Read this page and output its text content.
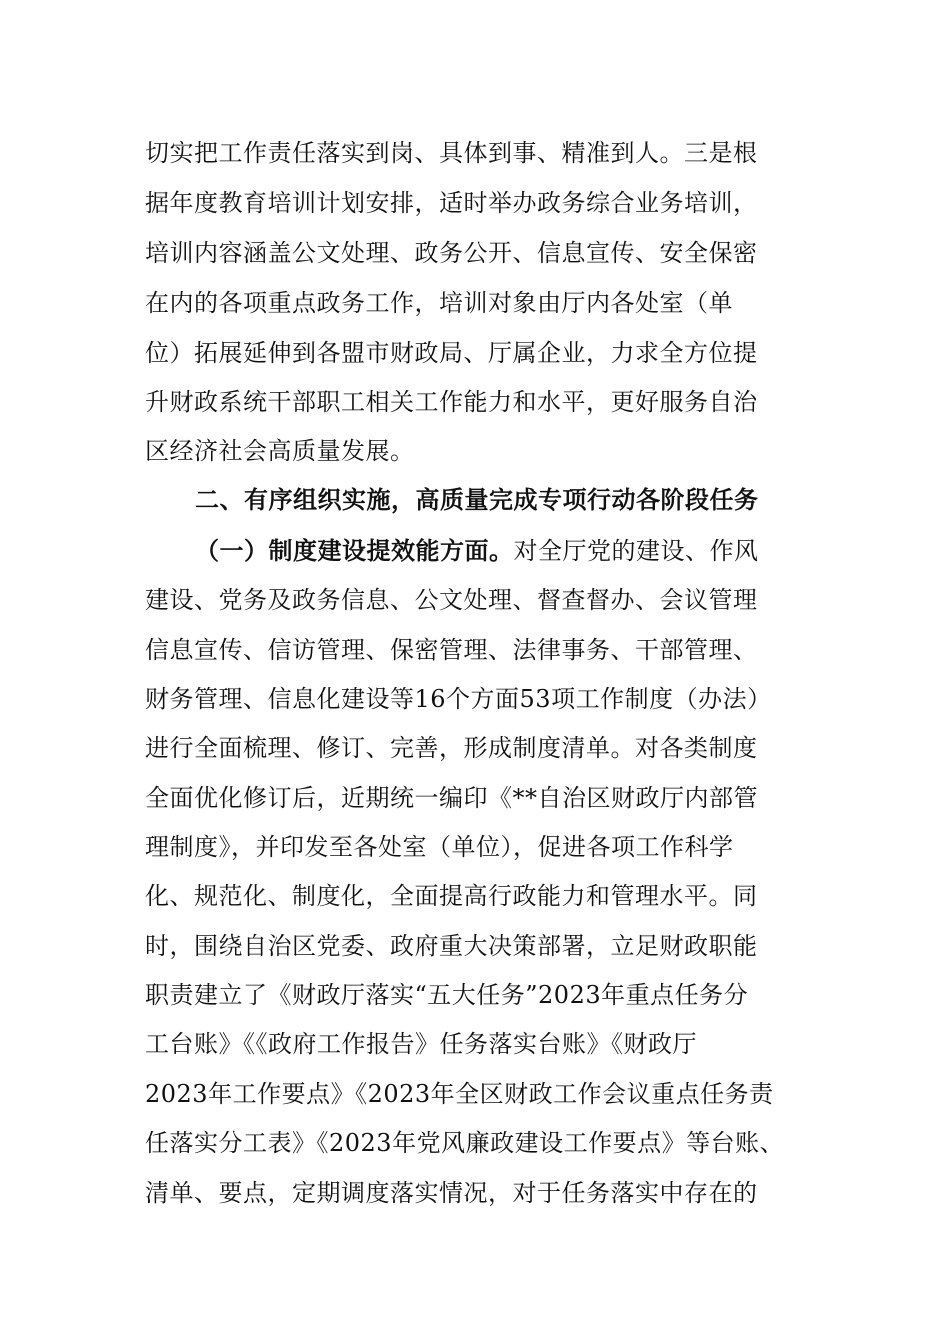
切实把工作责任落实到岗、具体到事、精准到人。三是根
据年度教育培训计划安排，适时举办政务综合业务培训，
培训内容涵盖公文处理、政务公开、信息宣传、安全保密
在内的各项重点政务工作，培训对象由厅内各处室（单
位）拓展延伸到各盟市财政局、厅属企业，力求全方位提
升财政系统干部职工相关工作能力和水平，更好服务自治
区经济社会高质量发展。
二、有序组织实施，高质量完成专项行动各阶段任务
（一）制度建设提效能方面。对全厅党的建设、作风
建设、党务及政务信息、公文处理、督查督办、会议管理
信息宣传、信访管理、保密管理、法律事务、干部管理、
财务管理、信息化建设等16个方面53项工作制度（办法）
进行全面梳理、修订、完善，形成制度清单。对各类制度
全面优化修订后，近期统一编印《**自治区财政厅内部管
理制度》，并印发至各处室（单位），促进各项工作科学
化、规范化、制度化，全面提高行政能力和管理水平。同
时，围绕自治区党委、政府重大决策部署，立足财政职能
职责建立了《财政厅落实“五大任务”2023年重点任务分
工台账》《《政府工作报告》任务落实台账》《财政厅
2023年工作要点》《2023年全区财政工作会议重点任务责
任落实分工表》《2023年党风廉政建设工作要点》等台账、
清单、要点，定期调度落实情况，对于任务落实中存在的
